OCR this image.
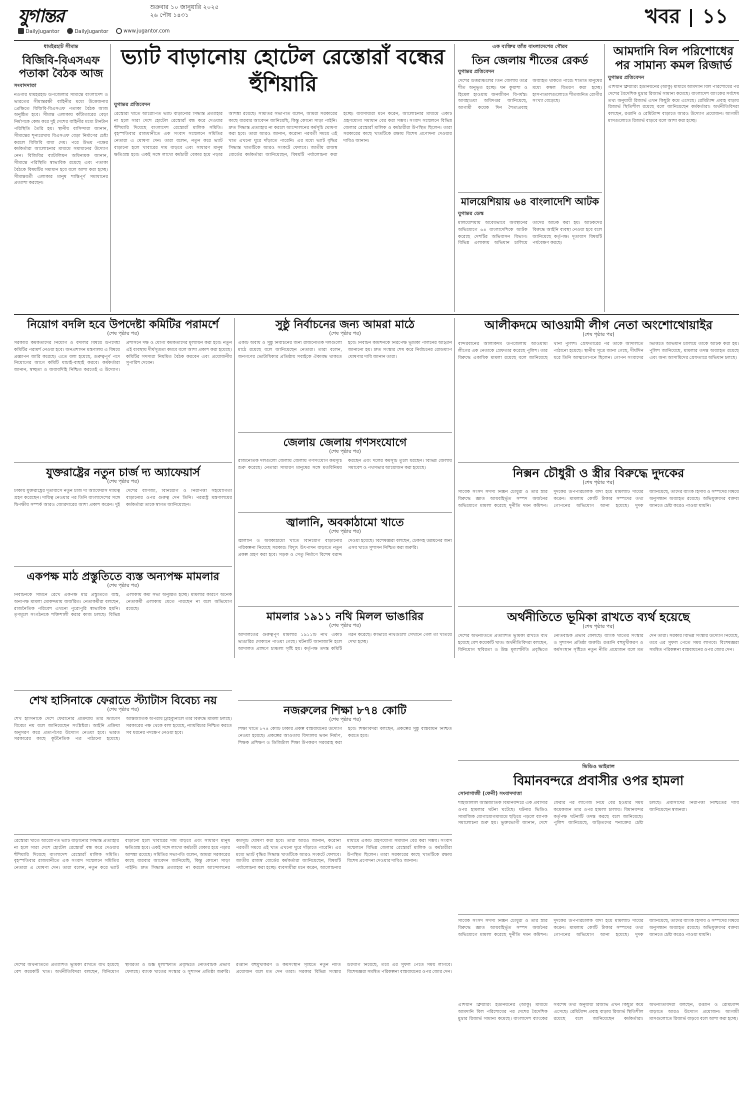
যুগান্তর	শুক্রবার ১০ জানুয়ারি ২০২৫
২৬ পৌষ ১৪৩১
DailyJugantor	DailyJugantor	www.jugantor.com
খবর ১১
ধামইরহাট সীমান্ত
বিজিবি-বিএসএফ পতাকা বৈঠক আজ
সংবাদদাতা
নওগাঁর ধামইরহাট উপজেলার সীমান্তে বাংলাদেশ ও ভারতের সীমান্তরক্ষী বাহিনীর মধ্যে উত্তেজনার প্রেক্ষিতে বিজিবি-বিএসএফ পতাকা বৈঠক আজ অনুষ্ঠিত হবে। সীমান্ত এলাকায় কাঁটাতারের বেড়া নির্মাণকে কেন্দ্র করে দুই দেশের বাহিনীর মধ্যে টানটান পরিস্থিতি তৈরি হয়। স্থানীয় বাসিন্দারা জানান, সীমান্তের শূন্যরেখায় বিএসএফ বেড়া নির্মাণের চেষ্টা করলে বিজিবি বাধা দেয়। পরে উভয় পক্ষের কর্মকর্তারা আলোচনার মাধ্যমে সমাধানের উদ্যোগ নেন। বিজিবির ব্যাটালিয়ন অধিনায়ক জানান, সীমান্তে পরিস্থিতি স্বাভাবিক রয়েছে এবং পতাকা বৈঠকে বিষয়টির সমাধান হবে বলে আশা করা হচ্ছে। সীমান্তবর্তী এলাকার মানুষ শান্তিপূর্ণ সমাধানের প্রত্যাশা করছেন।
ভ্যাট বাড়ানোয় হোটেল রেস্তোরাঁ বন্ধের হুঁশিয়ারি
যুগান্তর প্রতিবেদন
রেস্তোরাঁ খাতে আরোপিত ভ্যাট বাড়ানোর সিদ্ধান্ত প্রত্যাহার না হলে সারা দেশে হোটেল রেস্তোরাঁ বন্ধ করে দেওয়ার হুঁশিয়ারি দিয়েছে বাংলাদেশ রেস্তোরাঁ মালিক সমিতি। বৃহস্পতিবার রাজধানীতে এক সংবাদ সম্মেলনে সমিতির নেতারা এ ঘোষণা দেন। তারা বলেন, নতুন করে ভ্যাট বাড়ানো হলে খাবারের দাম বাড়বে এবং সাধারণ মানুষ ক্ষতিগ্রস্ত হবে। একই সঙ্গে লাখো কর্মচারী বেকার হয়ে পড়ার আশঙ্কা রয়েছে। সমিতির সভাপতি বলেন, আমরা সরকারের কাছে বারবার আবেদন জানিয়েছি, কিন্তু কোনো সাড়া পাইনি। দ্রুত সিদ্ধান্ত প্রত্যাহার না করলে আন্দোলনের কর্মসূচি ঘোষণা করা হবে। তারা আরও জানান, করোনা পরবর্তী সময়ে এই খাত এখনো ঘুরে দাঁড়াতে পারেনি। এর মধ্যে ভ্যাট বৃদ্ধির সিদ্ধান্ত খাতটিকে আরও সংকটে ফেলবে। জাতীয় রাজস্ব বোর্ডের কর্মকর্তারা জানিয়েছেন, বিষয়টি পর্যালোচনা করা হচ্ছে। ব্যবসায়ীরা মনে করেন, আলোচনার মাধ্যমে একটি গ্রহণযোগ্য সমাধান বের করা সম্ভব। সংবাদ সম্মেলনে বিভিন্ন জেলার রেস্তোরাঁ মালিক ও কর্মচারীরা উপস্থিত ছিলেন। তারা সরকারের কাছে খাতটিকে রক্ষায় বিশেষ প্রণোদনা দেওয়ার দাবিও জানান।
এক ব্যক্তির তাঁত বাংলাদেশের গৌরব
তিন জেলায় শীতের রেকর্ড
যুগান্তর প্রতিবেদন
দেশের উত্তরাঞ্চলের তিন জেলায় তীব্র শীত অনুভূত হচ্ছে। ঘন কুয়াশা ও হিমেল হাওয়ায় জনজীবন বিপর্যস্ত। আবহাওয়া অধিদপ্তর জানিয়েছে, আগামী কয়েক দিন শৈত্যপ্রবাহ অব্যাহত থাকতে পারে। শীতার্ত মানুষের মধ্যে কম্বল বিতরণ করা হচ্ছে। হাসপাতালগুলোতে শীতজনিত রোগীর সংখ্যা বেড়েছে।
মালয়েশিয়ায় ৬৪ বাংলাদেশি আটক
যুগান্তর ডেস্ক
মালয়েশিয়ায় অবৈধভাবে অবস্থানের অভিযোগে ৬৪ বাংলাদেশিকে আটক করেছে দেশটির অভিবাসন বিভাগ। বিভিন্ন এলাকায় অভিযান চালিয়ে তাদের আটক করা হয়। আটকদের বিরুদ্ধে আইনি ব্যবস্থা নেওয়া হবে বলে জানিয়েছে কর্তৃপক্ষ। দূতাবাস বিষয়টি পর্যবেক্ষণ করছে।
আমদানি বিল পরিশোধের পর সামান্য কমল রিজার্ভ
যুগান্তর প্রতিবেদন
এশিয়ান ক্লিয়ারিং ইউনিয়নের (আকু) মাধ্যমে আমদানি বিল পরিশোধের পর দেশের বৈদেশিক মুদ্রার রিজার্ভ সামান্য কমেছে। বাংলাদেশ ব্যাংকের সর্বশেষ তথ্য অনুযায়ী রিজার্ভ এখন কিছুটা কমে এসেছে। রেমিট্যান্স প্রবাহ বাড়ায় রিজার্ভ স্থিতিশীল রয়েছে বলে জানিয়েছেন কর্মকর্তারা। অর্থনীতিবিদরা বলছেন, রপ্তানি ও রেমিট্যান্স বাড়াতে আরও উদ্যোগ প্রয়োজন। আগামী মাসগুলোতে রিজার্ভ বাড়বে বলে আশা করা হচ্ছে।
নিয়োগ বদলি হবে উপদেষ্টা কমিটির পরামর্শে
(শেষ পৃষ্ঠার পর)
সরকারি কর্মকর্তাদের নিয়োগ ও বদলির বিষয়ে উপদেষ্টা কমিটির পরামর্শ নেওয়া হবে। জনপ্রশাসন মন্ত্রণালয় এ বিষয়ে প্রজ্ঞাপন জারি করেছে। এতে বলা হয়েছে, গুরুত্বপূর্ণ পদে নিয়োগের আগে কমিটি যাচাই-বাছাই করবে। কর্মকর্তারা জানান, স্বচ্ছতা ও জবাবদিহি নিশ্চিত করতেই এ উদ্যোগ। প্রশাসনে দক্ষ ও যোগ্য কর্মকর্তাদের মূল্যায়ন করা হবে। নতুন এই ব্যবস্থায় দীর্ঘসূত্রতা কমবে বলে আশা প্রকাশ করা হয়েছে। কমিটির সদস্যরা নিয়মিত বৈঠক করবেন এবং প্রয়োজনীয় সুপারিশ দেবেন।
সুষ্ঠু নির্বাচনের জন্য আমরা মাঠে
(শেষ পৃষ্ঠার পর)
একটি অবাধ ও সুষ্ঠু নির্বাচনের জন্য রাজনৈতিক দলগুলো মাঠে রয়েছে বলে জানিয়েছেন নেতারা। তারা বলেন, জনগণের ভোটাধিকার প্রতিষ্ঠায় সবাইকে ঐক্যবদ্ধ থাকতে হবে। নির্বাচন কমিশনকে নিরপেক্ষ ভূমিকা পালনের আহ্বান জানানো হয়। দ্রুত সংস্কার শেষ করে নির্বাচনের রোডম্যাপ ঘোষণার দাবি জানান তারা।
আলীকদমে আওয়ামী লীগ নেতা অংশোথোয়াইর
(শেষ পৃষ্ঠার পর)
বান্দরবানের আলীকদম উপজেলায় আওয়ামী লীগের এক নেতাকে গ্রেফতার করেছে পুলিশ। তার বিরুদ্ধে একাধিক মামলা রয়েছে বলে জানিয়েছে থানা পুলিশ। গ্রেফতারের পর তাকে আদালতে পাঠানো হয়েছে। স্থানীয় সূত্রে জানা গেছে, দীর্ঘদিন ধরে তিনি আত্মগোপনে ছিলেন। গোপন সংবাদের ভিত্তিতে অভিযান চালিয়ে তাকে আটক করা হয়। পুলিশ জানিয়েছে, মামলার তদন্ত অব্যাহত রয়েছে এবং অন্য আসামিদের গ্রেফতারে অভিযান চলছে।
যুক্তরাষ্ট্রের নতুন চার্জ দ্য অ্যাফেয়ার্স
(শেষ পৃষ্ঠার পর)
ঢাকায় যুক্তরাষ্ট্রের দূতাবাসে নতুন চার্জ দ্য অ্যাফেয়ার্স দায়িত্ব গ্রহণ করেছেন। দায়িত্ব নেওয়ার পর তিনি বাংলাদেশের সঙ্গে দ্বিপক্ষীয় সম্পর্ক আরও জোরদারের আশা প্রকাশ করেন। দুই দেশের বাণিজ্য, বিনিয়োগ ও নিরাপত্তা সহযোগিতা বাড়ানোর ওপর গুরুত্ব দেন তিনি। পররাষ্ট্র মন্ত্রণালয়ের কর্মকর্তারা তাকে স্বাগত জানিয়েছেন।
জেলায় জেলায় গণসংযোগে
(শেষ পৃষ্ঠার পর)
রাজনৈতিক দলগুলো জেলায় জেলায় গণসংযোগ কর্মসূচি শুরু করেছে। নেতারা সাধারণ মানুষের সঙ্গে মতবিনিময় করছেন এবং দলের কর্মসূচি তুলে ধরছেন। বিভিন্ন জেলায় সমাবেশ ও পথসভার আয়োজন করা হয়েছে।
জ্বালানি, অবকাঠামো খাতে
(শেষ পৃষ্ঠার পর)
জ্বালানি ও অবকাঠামো খাতে বিনিয়োগ বাড়ানোর পরিকল্পনা নিয়েছে সরকার। বিদ্যুৎ উৎপাদন বাড়াতে নতুন প্রকল্প গ্রহণ করা হবে। সড়ক ও সেতু নির্মাণে বিশেষ বরাদ্দ দেওয়া হয়েছে। বিশেষজ্ঞরা বলছেন, টেকসই উন্নয়নের জন্য এসব খাতে সুশাসন নিশ্চিত করা জরুরি।
নিক্সন চৌধুরী ও স্ত্রীর বিরুদ্ধে দুদকের
(শেষ পৃষ্ঠার পর)
সাবেক সংসদ সদস্য নিক্সন চৌধুরী ও তার স্ত্রীর বিরুদ্ধে জ্ঞাত আয়বহির্ভূত সম্পদ অর্জনের অভিযোগে মামলা করেছে দুর্নীতি দমন কমিশন। দুদকের উপপরিচালক বাদী হয়ে মামলাটি দায়ের করেন। মামলায় কোটি টাকার সম্পদের তথ্য গোপনের অভিযোগ আনা হয়েছে। দুদক জানিয়েছে, তাদের ব্যাংক হিসাব ও সম্পদের বিষয়ে অনুসন্ধান অব্যাহত রয়েছে। অভিযুক্তদের বক্তব্য জানতে চেষ্টা করেও পাওয়া যায়নি।
একপক্ষ মাঠ প্রস্তুতিতে ব্যস্ত অন্যপক্ষ মামলার
(শেষ পৃষ্ঠার পর)
নির্বাচনকে সামনে রেখে একপক্ষ মাঠ প্রস্তুতিতে ব্যস্ত, অন্যপক্ষ মামলা মোকদ্দমায় জর্জরিত। নেতাকর্মীরা বলছেন, রাজনৈতিক পরিবেশ এখনো পুরোপুরি স্বাভাবিক হয়নি। তৃণমূলে সংগঠনকে শক্তিশালী করার কাজ চলছে। বিভিন্ন এলাকায় কর্মী সভা অনুষ্ঠিত হচ্ছে। মামলার কারণে অনেক নেতাকর্মী এলাকায় যেতে পারছেন না বলে অভিযোগ রয়েছে।
মামলার ১৯১১ নথি মিলল ভাঙারির
(শেষ পৃষ্ঠার পর)
আদালতের গুরুত্বপূর্ণ মামলার ১৯১১টি নথি একটি ভাঙারির দোকানে পাওয়া গেছে। ঘটনাটি জানাজানি হলে আদালত প্রাঙ্গণে চাঞ্চল্য সৃষ্টি হয়। কর্তৃপক্ষ তদন্ত কমিটি গঠন করেছে। কীভাবে নথিগুলো সেখানে গেল তা খতিয়ে দেখা হচ্ছে।
অর্থনীতিতে ভূমিকা রাখতে ব্যর্থ হয়েছে
(শেষ পৃষ্ঠার পর)
দেশের অর্থনীতিতে প্রত্যাশিত ভূমিকা রাখতে ব্যর্থ হয়েছে বেশ কয়েকটি খাত। অর্থনীতিবিদরা বলছেন, বিনিয়োগ স্থবিরতা ও উচ্চ মূল্যস্ফীতি প্রবৃদ্ধিতে নেতিবাচক প্রভাব ফেলছে। ব্যাংক খাতের সংস্কার ও সুশাসন প্রতিষ্ঠা জরুরি। রপ্তানি বহুমুখীকরণ ও কর্মসংস্থান সৃষ্টিতে নতুন নীতি প্রয়োজন বলে মত দেন তারা। সরকার বিভিন্ন সংস্কার উদ্যোগ নিয়েছে, তবে এর সুফল পেতে সময় লাগবে। বিশেষজ্ঞরা সমন্বিত পরিকল্পনা বাস্তবায়নের ওপর জোর দেন।
শেখ হাসিনাকে ফেরাতে স্ট্যাটাস বিবেচ্য নয়
(শেষ পৃষ্ঠার পর)
শেখ হাসিনাকে দেশে ফেরানোর প্রক্রিয়ায় তার স্ট্যাটাস বিবেচ্য নয় বলে জানিয়েছেন সংশ্লিষ্টরা। আইনি প্রক্রিয়া অনুসরণ করে প্রত্যর্পণের উদ্যোগ নেওয়া হবে। ভারত সরকারের কাছে কূটনৈতিক পত্র পাঠানো হয়েছে। আন্তর্জাতিক অপরাধ ট্রাইব্যুনালে তার বিরুদ্ধে মামলা চলছে। সরকারের পক্ষ থেকে বলা হয়েছে, ন্যায়বিচার নিশ্চিত করতে সব ধরনের পদক্ষেপ নেওয়া হবে।
নজরুলের শিক্ষা ৮৭৪ কোটি
(শেষ পৃষ্ঠার পর)
শিক্ষা খাতে ৮৭৪ কোটি টাকার প্রকল্প বাস্তবায়নের উদ্যোগ নেওয়া হয়েছে। প্রকল্পের আওতায় বিদ্যালয় ভবন নির্মাণ, শিক্ষক প্রশিক্ষণ ও ডিজিটাল শিক্ষা উপকরণ সরবরাহ করা হবে। শিক্ষাবিদরা বলছেন, প্রকল্পের সুষ্ঠু বাস্তবায়ন নিশ্চিত করতে হবে।
ভিডিও ভাইরাল
বিমানবন্দরে প্রবাসীর ওপর হামলা
সোনাগাজী (ফেনী) সংবাদদাতা
শাহজালাল আন্তর্জাতিক বিমানবন্দরে এক প্রবাসীর ওপর হামলার ঘটনা ঘটেছে। ঘটনার ভিডিও সামাজিক যোগাযোগমাধ্যমে ছড়িয়ে পড়লে ব্যাপক সমালোচনা শুরু হয়। ভুক্তভোগী জানান, দেশে ফেরার পর লাগেজ নিয়ে বের হওয়ার সময় কয়েকজন তার ওপর হামলা চালায়। বিমানবন্দর কর্তৃপক্ষ ঘটনাটি তদন্ত করছে বলে জানিয়েছে। পুলিশ জানিয়েছে, জড়িতদের শনাক্তের চেষ্টা চলছে। প্রবাসীদের নিরাপত্তা নিশ্চিতের দাবি জানিয়েছেন স্বজনরা।
রেস্তোরাঁ খাতে আরোপিত ভ্যাট বাড়ানোর সিদ্ধান্ত প্রত্যাহার না হলে সারা দেশে হোটেল রেস্তোরাঁ বন্ধ করে দেওয়ার হুঁশিয়ারি দিয়েছে বাংলাদেশ রেস্তোরাঁ মালিক সমিতি। বৃহস্পতিবার রাজধানীতে এক সংবাদ সম্মেলনে সমিতির নেতারা এ ঘোষণা দেন। তারা বলেন, নতুন করে ভ্যাট বাড়ানো হলে খাবারের দাম বাড়বে এবং সাধারণ মানুষ ক্ষতিগ্রস্ত হবে। একই সঙ্গে লাখো কর্মচারী বেকার হয়ে পড়ার আশঙ্কা রয়েছে। সমিতির সভাপতি বলেন, আমরা সরকারের কাছে বারবার আবেদন জানিয়েছি, কিন্তু কোনো সাড়া পাইনি। দ্রুত সিদ্ধান্ত প্রত্যাহার না করলে আন্দোলনের কর্মসূচি ঘোষণা করা হবে। তারা আরও জানান, করোনা পরবর্তী সময়ে এই খাত এখনো ঘুরে দাঁড়াতে পারেনি। এর মধ্যে ভ্যাট বৃদ্ধির সিদ্ধান্ত খাতটিকে আরও সংকটে ফেলবে। জাতীয় রাজস্ব বোর্ডের কর্মকর্তারা জানিয়েছেন, বিষয়টি পর্যালোচনা করা হচ্ছে। ব্যবসায়ীরা মনে করেন, আলোচনার মাধ্যমে একটি গ্রহণযোগ্য সমাধান বের করা সম্ভব। সংবাদ সম্মেলনে বিভিন্ন জেলার রেস্তোরাঁ মালিক ও কর্মচারীরা উপস্থিত ছিলেন। তারা সরকারের কাছে খাতটিকে রক্ষায় বিশেষ প্রণোদনা দেওয়ার দাবিও জানান।
দেশের অর্থনীতিতে প্রত্যাশিত ভূমিকা রাখতে ব্যর্থ হয়েছে বেশ কয়েকটি খাত। অর্থনীতিবিদরা বলছেন, বিনিয়োগ স্থবিরতা ও উচ্চ মূল্যস্ফীতি প্রবৃদ্ধিতে নেতিবাচক প্রভাব ফেলছে। ব্যাংক খাতের সংস্কার ও সুশাসন প্রতিষ্ঠা জরুরি। রপ্তানি বহুমুখীকরণ ও কর্মসংস্থান সৃষ্টিতে নতুন নীতি প্রয়োজন বলে মত দেন তারা। সরকার বিভিন্ন সংস্কার উদ্যোগ নিয়েছে, তবে এর সুফল পেতে সময় লাগবে। বিশেষজ্ঞরা সমন্বিত পরিকল্পনা বাস্তবায়নের ওপর জোর দেন।
সাবেক সংসদ সদস্য নিক্সন চৌধুরী ও তার স্ত্রীর বিরুদ্ধে জ্ঞাত আয়বহির্ভূত সম্পদ অর্জনের অভিযোগে মামলা করেছে দুর্নীতি দমন কমিশন। দুদকের উপপরিচালক বাদী হয়ে মামলাটি দায়ের করেন। মামলায় কোটি টাকার সম্পদের তথ্য গোপনের অভিযোগ আনা হয়েছে। দুদক জানিয়েছে, তাদের ব্যাংক হিসাব ও সম্পদের বিষয়ে অনুসন্ধান অব্যাহত রয়েছে। অভিযুক্তদের বক্তব্য জানতে চেষ্টা করেও পাওয়া যায়নি।
এশিয়ান ক্লিয়ারিং ইউনিয়নের (আকু) মাধ্যমে আমদানি বিল পরিশোধের পর দেশের বৈদেশিক মুদ্রার রিজার্ভ সামান্য কমেছে। বাংলাদেশ ব্যাংকের সর্বশেষ তথ্য অনুযায়ী রিজার্ভ এখন কিছুটা কমে এসেছে। রেমিট্যান্স প্রবাহ বাড়ায় রিজার্ভ স্থিতিশীল রয়েছে বলে জানিয়েছেন কর্মকর্তারা। অর্থনীতিবিদরা বলছেন, রপ্তানি ও রেমিট্যান্স বাড়াতে আরও উদ্যোগ প্রয়োজন। আগামী মাসগুলোতে রিজার্ভ বাড়বে বলে আশা করা হচ্ছে।
